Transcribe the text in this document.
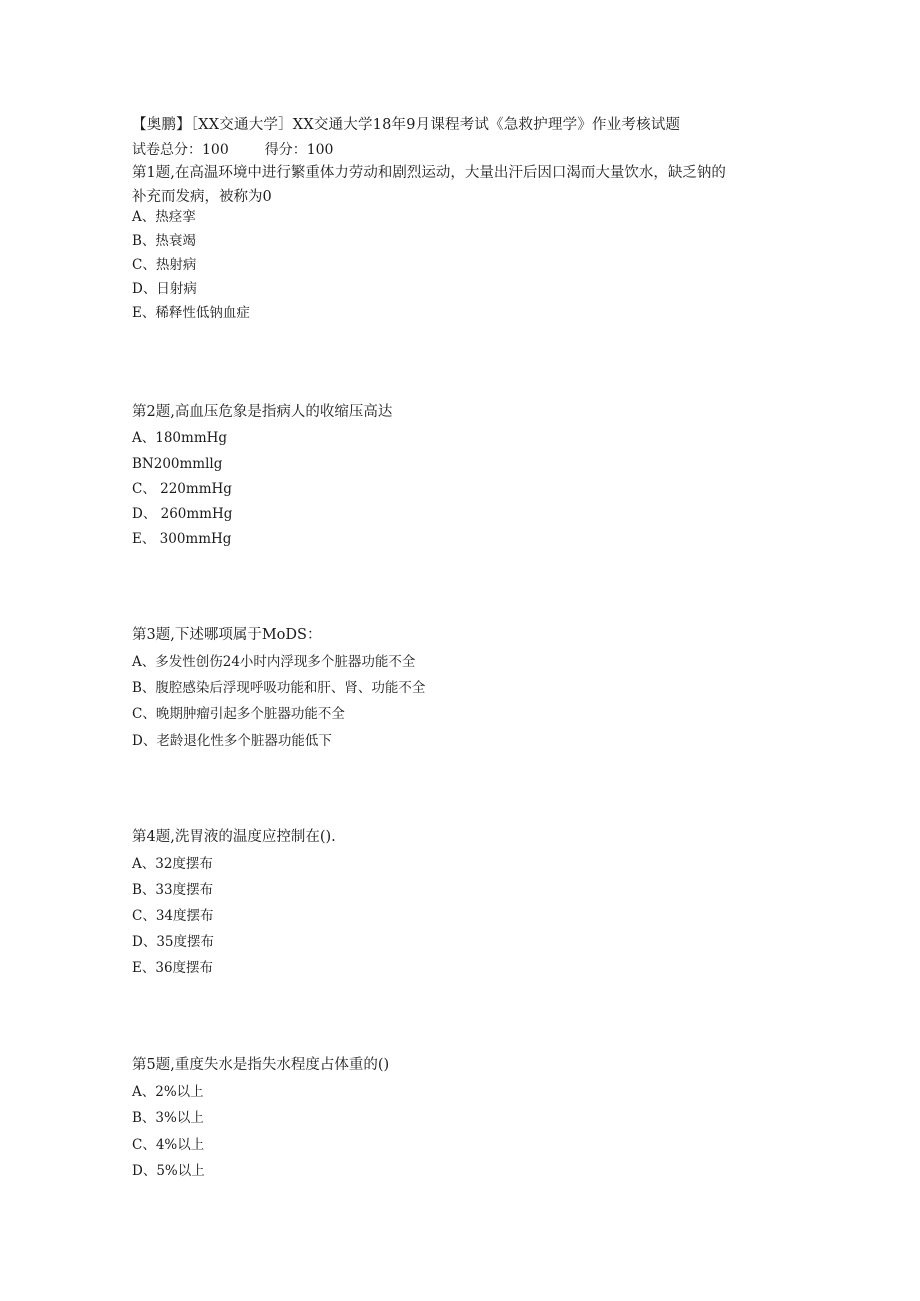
【奥鹏】［XX交通大学］XX交通大学18年9月课程考试《急救护理学》作业考核试题
试卷总分：100	得分：100
第1题,在高温环境中进行繁重体力劳动和剧烈运动，大量出汗后因口渴而大量饮水，缺乏钠的
补充而发病，被称为0
A、热痉挛
B、热衰竭
C、热射病
D、日射病
E、稀释性低钠血症
第2题,高血压危象是指病人的收缩压高达
A、180mmHg
BN200mmllg
C、 220mmHg
D、 260mmHg
E、 300mmHg
第3题,下述哪项属于MoDS：
A、多发性创伤24小时内浮现多个脏器功能不全
B、腹腔感染后浮现呼吸功能和肝、肾、功能不全
C、晚期肿瘤引起多个脏器功能不全
D、老龄退化性多个脏器功能低下
第4题,洗胃液的温度应控制在().
A、32度摆布
B、33度摆布
C、34度摆布
D、35度摆布
E、36度摆布
第5题,重度失水是指失水程度占体重的()
A、2%以上
B、3%以上
C、4%以上
D、5%以上
